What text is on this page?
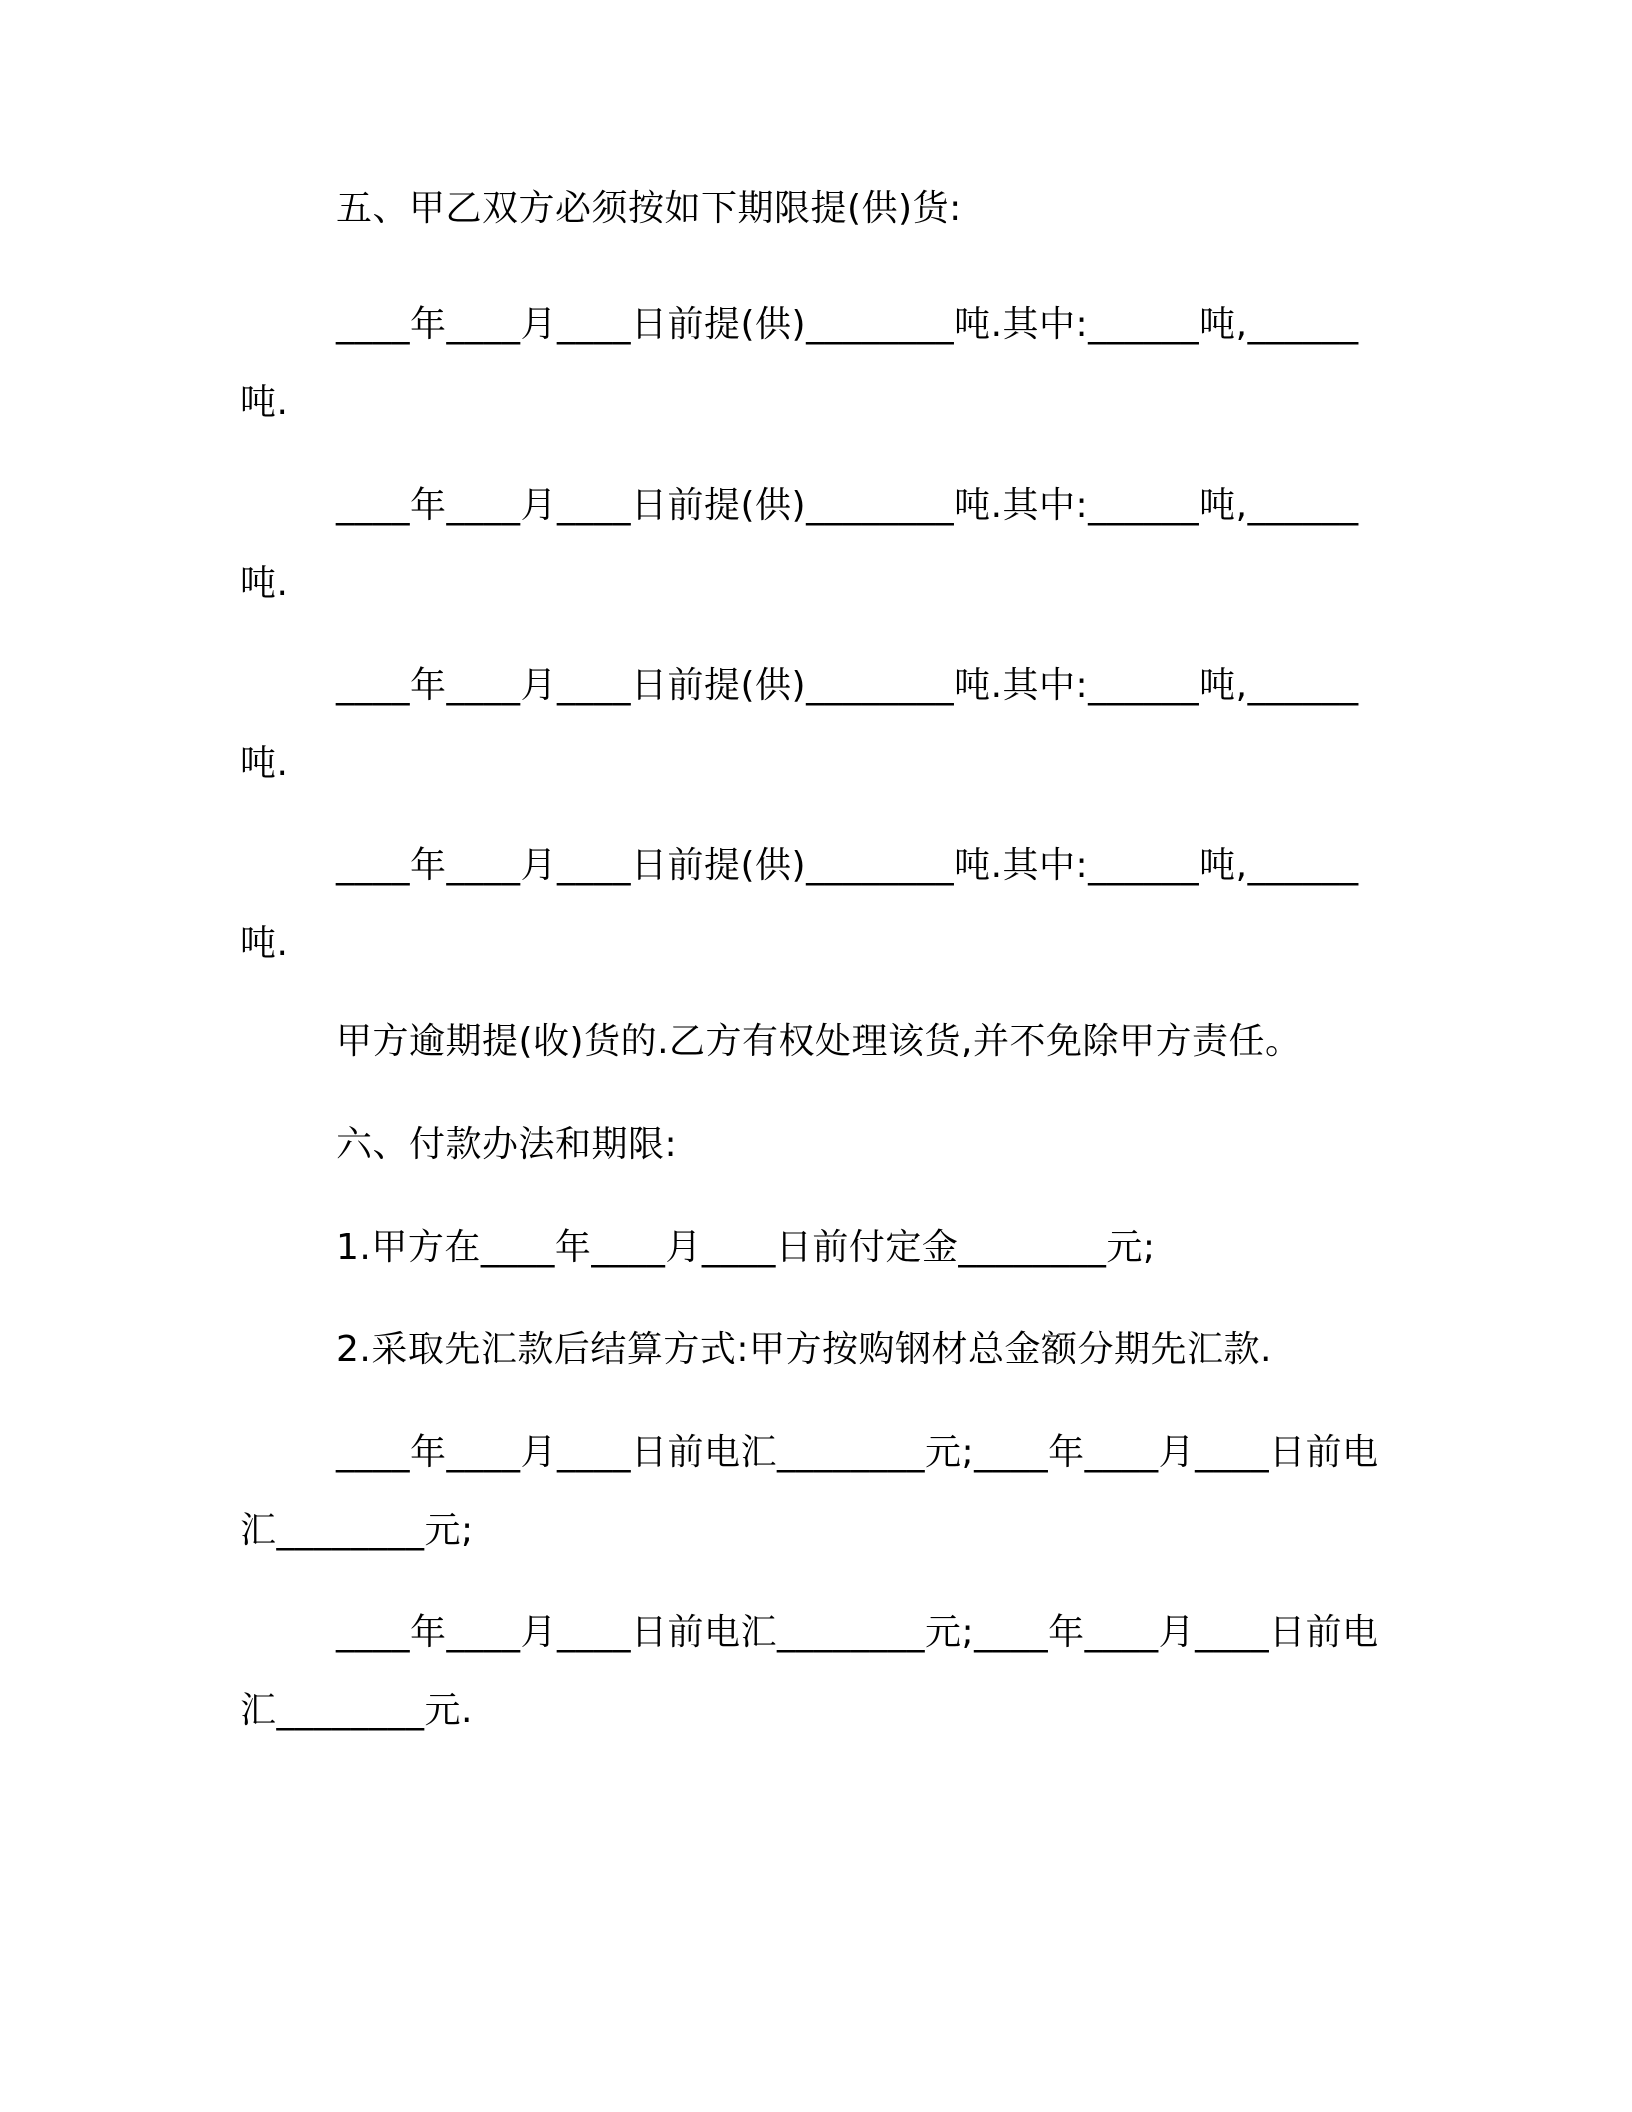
五、甲乙双方必须按如下期限提(供)货:

____年____月____日前提(供)________吨.其中:______吨,______吨.

____年____月____日前提(供)________吨.其中:______吨,______吨.

____年____月____日前提(供)________吨.其中:______吨,______吨.

____年____月____日前提(供)________吨.其中:______吨,______吨.

甲方逾期提(收)货的.乙方有权处理该货,并不免除甲方责任。

六、付款办法和期限:

1.甲方在____年____月____日前付定金________元;

2.采取先汇款后结算方式:甲方按购钢材总金额分期先汇款.

____年____月____日前电汇________元;____年____月____日前电汇________元;

____年____月____日前电汇________元;____年____月____日前电汇________元.
